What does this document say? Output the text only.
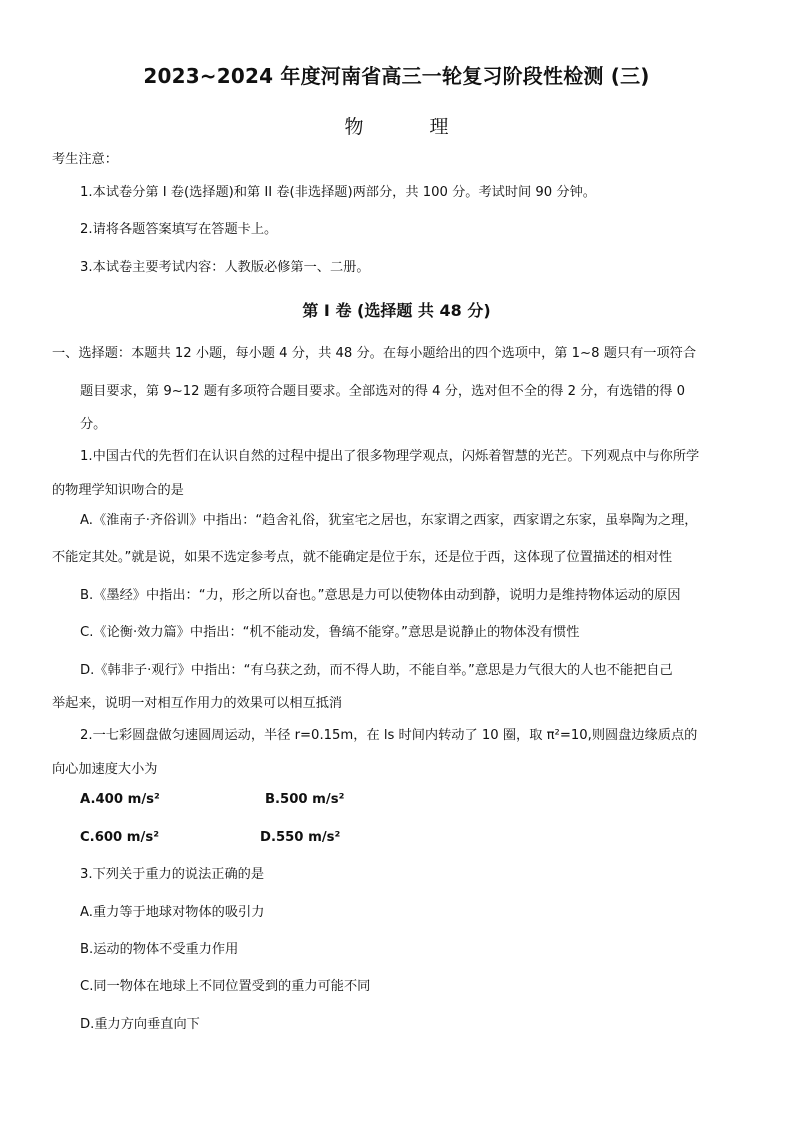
2023~2024 年度河南省高三一轮复习阶段性检测 (三)
物 理
考生注意：
1.本试卷分第 I 卷(选择题)和第 II 卷(非选择题)两部分，共 100 分。考试时间 90 分钟。
2.请将各题答案填写在答题卡上。
3.本试卷主要考试内容：人教版必修第一、二册。
第 I 卷 (选择题 共 48 分)
一、选择题：本题共 12 小题，每小题 4 分，共 48 分。在每小题给出的四个选项中，第 1~8 题只有一项符合
题目要求，第 9~12 题有多项符合题目要求。全部选对的得 4 分，选对但不全的得 2 分，有选错的得 0
分。
1.中国古代的先哲们在认识自然的过程中提出了很多物理学观点，闪烁着智慧的光芒。下列观点中与你所学
的物理学知识吻合的是
A.《淮南子·齐俗训》中指出：“趋舍礼俗，犹室宅之居也，东家谓之西家，西家谓之东家，虽皋陶为之理，
不能定其处。”就是说，如果不选定参考点，就不能确定是位于东，还是位于西，这体现了位置描述的相对性
B.《墨经》中指出：“力，形之所以奋也。”意思是力可以使物体由动到静，说明力是维持物体运动的原因
C.《论衡·效力篇》中指出：“机不能动发，鲁缟不能穿。”意思是说静止的物体没有惯性
D.《韩非子·观行》中指出：“有乌获之劲，而不得人助，不能自举。”意思是力气很大的人也不能把自己
举起来，说明一对相互作用力的效果可以相互抵消
2.一七彩圆盘做匀速圆周运动，半径 r=0.15m，在 ls 时间内转动了 10 圈，取 π²=10,则圆盘边缘质点的
向心加速度大小为
A.400 m/s²	B.500 m/s²
C.600 m/s²	D.550 m/s²
3.下列关于重力的说法正确的是
A.重力等于地球对物体的吸引力
B.运动的物体不受重力作用
C.同一物体在地球上不同位置受到的重力可能不同
D.重力方向垂直向下
